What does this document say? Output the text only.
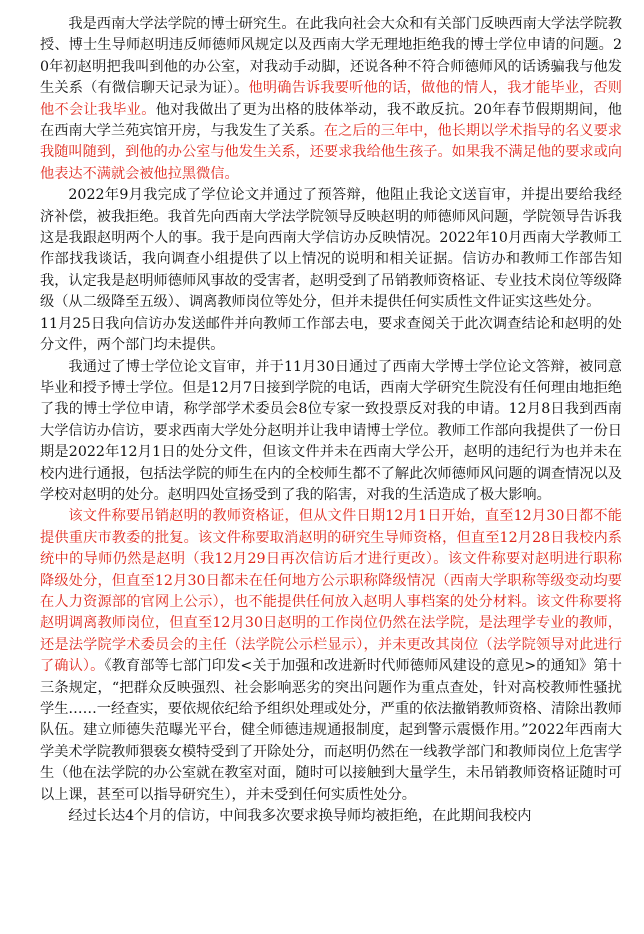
我是西南大学法学院的博士研究生。在此我向社会大众和有关部门反映西南大学法学院教授、博士生导师赵明违反师德师风规定以及西南大学无理地拒绝我的博士学位申请的问题。20年初赵明把我叫到他的办公室，对我动手动脚，还说各种不符合师德师风的话诱骗我与他发生关系（有微信聊天记录为证）。他明确告诉我要听他的话，做他的情人，我才能毕业，否则他不会让我毕业。他对我做出了更为出格的肢体举动，我不敢反抗。20年春节假期期间，他在西南大学兰苑宾馆开房，与我发生了关系。在之后的三年中，他长期以学术指导的名义要求我随叫随到，到他的办公室与他发生关系，还要求我给他生孩子。如果我不满足他的要求或向他表达不满就会被他拉黑微信。

2022年9月我完成了学位论文并通过了预答辩，他阻止我论文送盲审，并提出要给我经济补偿，被我拒绝。我首先向西南大学法学院领导反映赵明的师德师风问题，学院领导告诉我这是我跟赵明两个人的事。我于是向西南大学信访办反映情况。2022年10月西南大学教师工作部找我谈话，我向调查小组提供了以上情况的说明和相关证据。信访办和教师工作部告知我，认定我是赵明师德师风事故的受害者，赵明受到了吊销教师资格证、专业技术岗位等级降级（从二级降至五级）、调离教师岗位等处分，但并未提供任何实质性文件证实这些处分。

11月25日我向信访办发送邮件并向教师工作部去电，要求查阅关于此次调查结论和赵明的处分文件，两个部门均未提供。

我通过了博士学位论文盲审，并于11月30日通过了西南大学博士学位论文答辩，被同意毕业和授予博士学位。但是12月7日接到学院的电话，西南大学研究生院没有任何理由地拒绝了我的博士学位申请，称学部学术委员会8位专家一致投票反对我的申请。12月8日我到西南大学信访办信访，要求西南大学处分赵明并让我申请博士学位。教师工作部向我提供了一份日期是2022年12月1日的处分文件，但该文件并未在西南大学公开，赵明的违纪行为也并未在校内进行通报，包括法学院的师生在内的全校师生都不了解此次师德师风问题的调查情况以及学校对赵明的处分。赵明四处宣扬受到了我的陷害，对我的生活造成了极大影响。

该文件称要吊销赵明的教师资格证，但从文件日期12月1日开始，直至12月30日都不能提供重庆市教委的批复。该文件称要取消赵明的研究生导师资格，但直至12月28日我校内系统中的导师仍然是赵明（我12月29日再次信访后才进行更改）。该文件称要对赵明进行职称降级处分，但直至12月30日都未在任何地方公示职称降级情况（西南大学职称等级变动均要在人力资源部的官网上公示），也不能提供任何放入赵明人事档案的处分材料。该文件称要将赵明调离教师岗位，但直至12月30日赵明的工作岗位仍然在法学院，是法理学专业的教师，还是法学院学术委员会的主任（法学院公示栏显示），并未更改其岗位（法学院领导对此进行了确认）。《教育部等七部门印发<关于加强和改进新时代师德师风建设的意见>的通知》第十三条规定，“把群众反映强烈、社会影响恶劣的突出问题作为重点查处，针对高校教师性骚扰学生……一经查实，要依规依纪给予组织处理或处分，严重的依法撤销教师资格、清除出教师队伍。建立师德失范曝光平台，健全师德违规通报制度，起到警示震慑作用。”2022年西南大学美术学院教师猥亵女模特受到了开除处分，而赵明仍然在一线教学部门和教师岗位上危害学生（他在法学院的办公室就在教室对面，随时可以接触到大量学生，未吊销教师资格证随时可以上课，甚至可以指导研究生），并未受到任何实质性处分。

经过长达4个月的信访，中间我多次要求换导师均被拒绝，在此期间我校内
